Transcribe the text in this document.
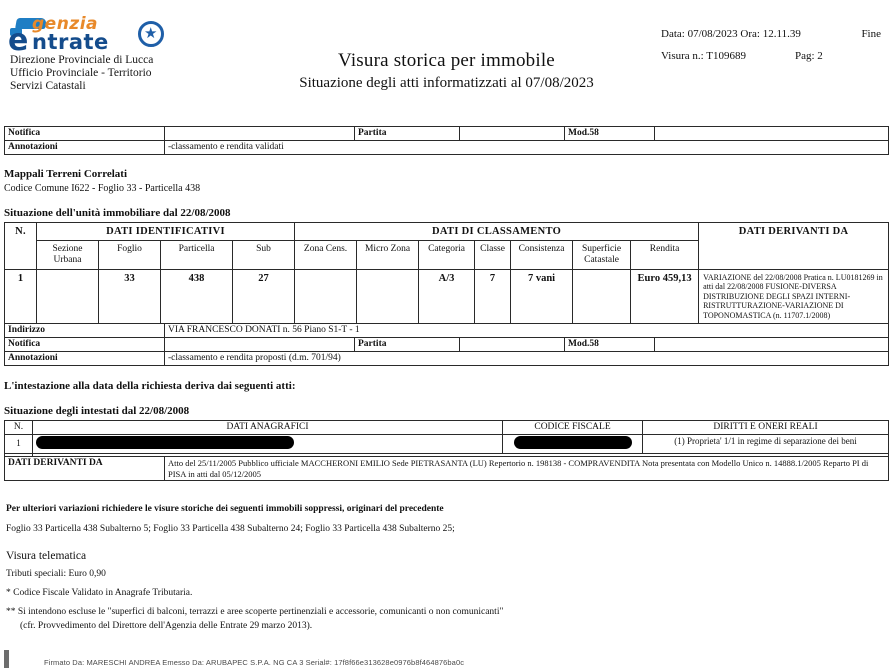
e genzia
ntrate ★
Direzione Provinciale di Lucca
Ufficio Provinciale - Territorio
Servizi Catastali
Visura storica per immobile
Situazione degli atti informatizzati al 07/08/2023
Data: 07/08/2023 Ora: 12.11.39	Fine
Visura n.: T109689	Pag: 2
Notifica		Partita		Mod.58	
Annotazioni	-classamento e rendita validati				
Mappali Terreni Correlati
Codice Comune I622 - Foglio 33 - Particella 438
Situazione dell'unità immobiliare dal 22/08/2008
N.	DATI IDENTIFICATIVI				DATI DI CLASSAMENTO							DATI DERIVANTI DA
	Sezione Urbana	Foglio	Particella	Sub	Zona Cens.	Micro Zona	Categoria	Classe	Consistenza	Superficie Catastale	Rendita	
1		33	438	27			A/3	7	7 vani		Euro 459,13	VARIAZIONE del 22/08/2008 Pratica n. LU0181269 in atti dal 22/08/2008 FUSIONE-DIVERSA DISTRIBUZIONE DEGLI SPAZI INTERNI-RISTRUTTURAZIONE-VARIAZIONE DI TOPONOMASTICA (n. 11707.1/2008)
Indirizzo	VIA FRANCESCO DONATI n. 56 Piano S1-T - 1				
Notifica		Partita		Mod.58	
Annotazioni	-classamento e rendita proposti (d.m. 701/94)				
L'intestazione alla data della richiesta deriva dai seguenti atti:
Situazione degli intestati dal 22/08/2008
N.	DATI ANAGRAFICI	CODICE FISCALE	DIRITTI E ONERI REALI
1			(1) Proprieta' 1/1 in regime di separazione dei beni

DATI DERIVANTI DA	Atto del 25/11/2005 Pubblico ufficiale MACCHERONI EMILIO Sede PIETRASANTA (LU) Repertorio n. 198138 - COMPRAVENDITA Nota presentata con Modello Unico n. 14888.1/2005 Reparto PI di PISA in atti dal 05/12/2005
Per ulteriori variazioni richiedere le visure storiche dei seguenti immobili soppressi, originari del precedente
Foglio 33 Particella 438 Subalterno 5; Foglio 33 Particella 438 Subalterno 24; Foglio 33 Particella 438 Subalterno 25;
Visura telematica
Tributi speciali: Euro 0,90
* Codice Fiscale Validato in Anagrafe Tributaria.
** Si intendono escluse le "superfici di balconi, terrazzi e aree scoperte pertinenziali e accessorie, comunicanti o non comunicanti"
(cfr. Provvedimento del Direttore dell'Agenzia delle Entrate 29 marzo 2013).
Firmato Da: MARESCHI ANDREA Emesso Da: ARUBAPEC S.P.A. NG CA 3 Serial#: 17f8f66e313628e0976b8f464876ba0c
